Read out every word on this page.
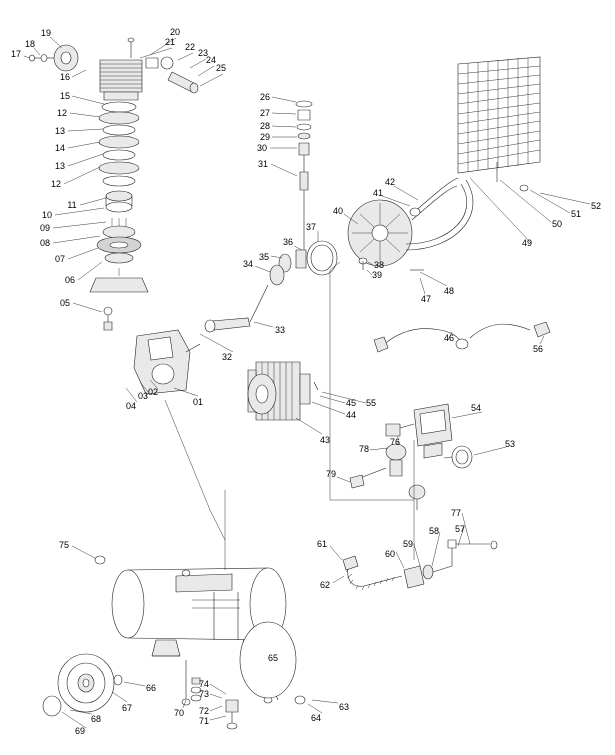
17
18
19
16
15
12
13
14
13
12
11
10
09
08
07
06
05
20
21 22
23
24
25
26
27
28
29
30
31
40
41
42
37
36
35
34	38
39
47
48
49
50
51
52
46
56
33
32
04
03 02
01	45
44
55
43
54
53
76
78
79
77
57
58
59
60
61
62
75
65
66
67
68
69
70
71
72
73
74
63
64
